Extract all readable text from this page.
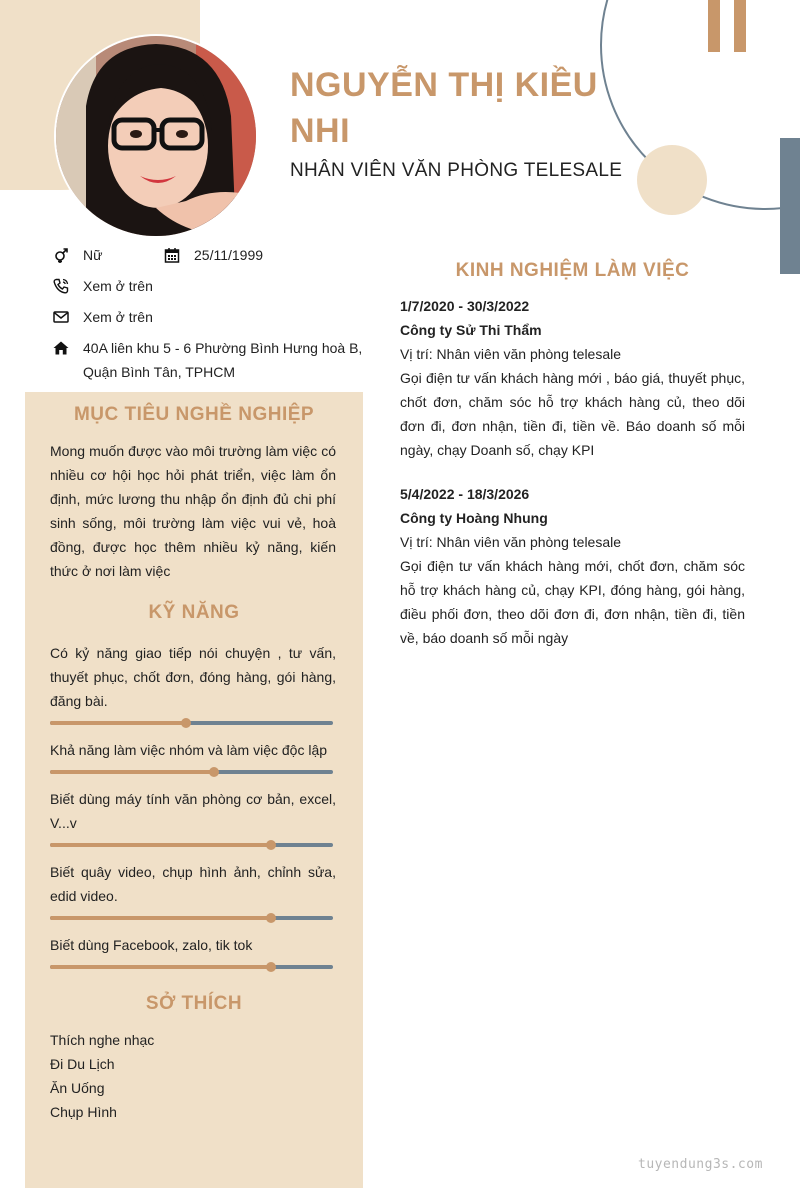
NGUYỄN THỊ KIỀU NHI
NHÂN VIÊN VĂN PHÒNG TELESALE
Nữ	25/11/1999
Xem ở trên
Xem ở trên
40A liên khu 5 - 6 Phường Bình Hưng hoà B,
Quận Bình Tân, TPHCM
MỤC TIÊU NGHỀ NGHIỆP
Mong muốn được vào môi trường làm việc có nhiều cơ hội học hỏi phát triển, việc làm ổn định, mức lương thu nhập ổn định đủ chi phí sinh sống, môi trường làm việc vui vẻ, hoà đồng, được học thêm nhiều kỷ năng, kiến thức ở nơi làm việc
KỸ NĂNG
Có kỷ năng giao tiếp nói chuyện , tư vấn, thuyết phục, chốt đơn, đóng hàng, gói hàng, đăng bài.
Khả năng làm việc nhóm và làm việc độc lập
Biết dùng máy tính văn phòng cơ bản, excel, V...v
Biết quây video, chụp hình ảnh, chỉnh sửa, edid video.
Biết dùng Facebook, zalo, tik tok
SỞ THÍCH
Thích nghe nhạc
Đi Du Lịch
Ăn Uống
Chụp Hình
KINH NGHIỆM LÀM VIỆC
1/7/2020 - 30/3/2022
Công ty Sử Thi Thẩm
Vị trí: Nhân viên văn phòng telesale
Gọi điện tư vấn khách hàng mới , báo giá, thuyết phục, chốt đơn, chăm sóc hỗ trợ khách hàng củ, theo dõi đơn đi, đơn nhận, tiền đi, tiền về. Báo doanh số mỗi ngày, chạy Doanh số, chạy KPI
5/4/2022 - 18/3/2026
Công ty Hoàng Nhung
Vị trí: Nhân viên văn phòng telesale
Gọi điện tư vấn khách hàng mới, chốt đơn, chăm sóc hỗ trợ khách hàng củ, chạy KPI, đóng hàng, gói hàng, điều phối đơn, theo dõi đơn đi, đơn nhận, tiền đi, tiền về, báo doanh số mỗi ngày
tuyendung3s.com
